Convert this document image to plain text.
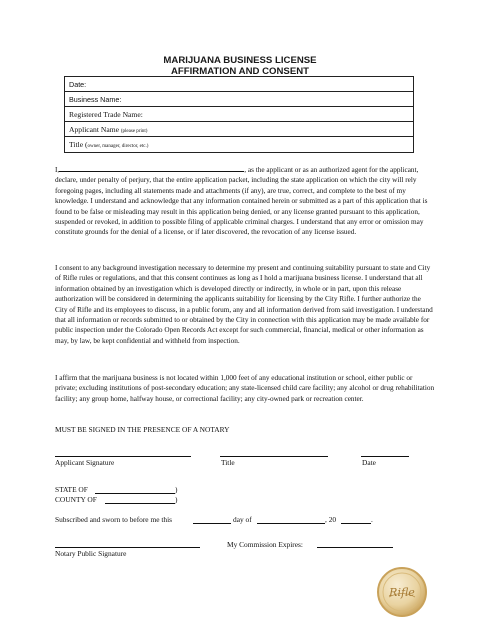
MARIJUANA BUSINESS LICENSE
AFFIRMATION AND CONSENT
Date:
Business Name:
Registered Trade Name:
Applicant Name (please print)
Title (owner, manager, director, etc.)

I,	, as the applicant or as an authorized agent for the applicant, declare, under penalty of perjury, that the entire application packet, including the state application on which the city will rely foregoing pages, including all statements made and attachments (if any), are true, correct, and complete to the best of my knowledge. I understand and acknowledge that any information contained herein or submitted as a part of this application that is found to be false or misleading may result in this application being denied, or any license granted pursuant to this application, suspended or revoked, in addition to possible filing of applicable criminal charges. I understand that any error or omission may constitute grounds for the denial of a license, or if later discovered, the revocation of any license issued.

I consent to any background investigation necessary to determine my present and continuing suitability pursuant to state and City of Rifle rules or regulations, and that this consent continues as long as I hold a marijuana business license. I understand that all information obtained by an investigation which is developed directly or indirectly, in whole or in part, upon this release authorization will be considered in determining the applicants suitability for licensing by the City Rifle. I further authorize the City of Rifle and its employees to discuss, in a public forum, any and all information derived from said investigation. I understand that all information or records submitted to or obtained by the City in connection with this application may be made available for public inspection under the Colorado Open Records Act except for such commercial, financial, medical or other information as may, by law, be kept confidential and withheld from inspection.

I affirm that the marijuana business is not located within 1,000 feet of any educational institution or school, either public or private; excluding institutions of post-secondary education; any state-licensed child care facility; any alcohol or drug rehabilitation facility; any group home, halfway house, or correctional facility; any city-owned park or recreation center.

MUST BE SIGNED IN THE PRESENCE OF A NOTARY
Applicant Signature	Title	Date
STATE OF	)
COUNTY OF	)
Subscribed and sworn to before me this	day of	, 20	.
My Commission Expires:
Notary Public Signature
Rifle
